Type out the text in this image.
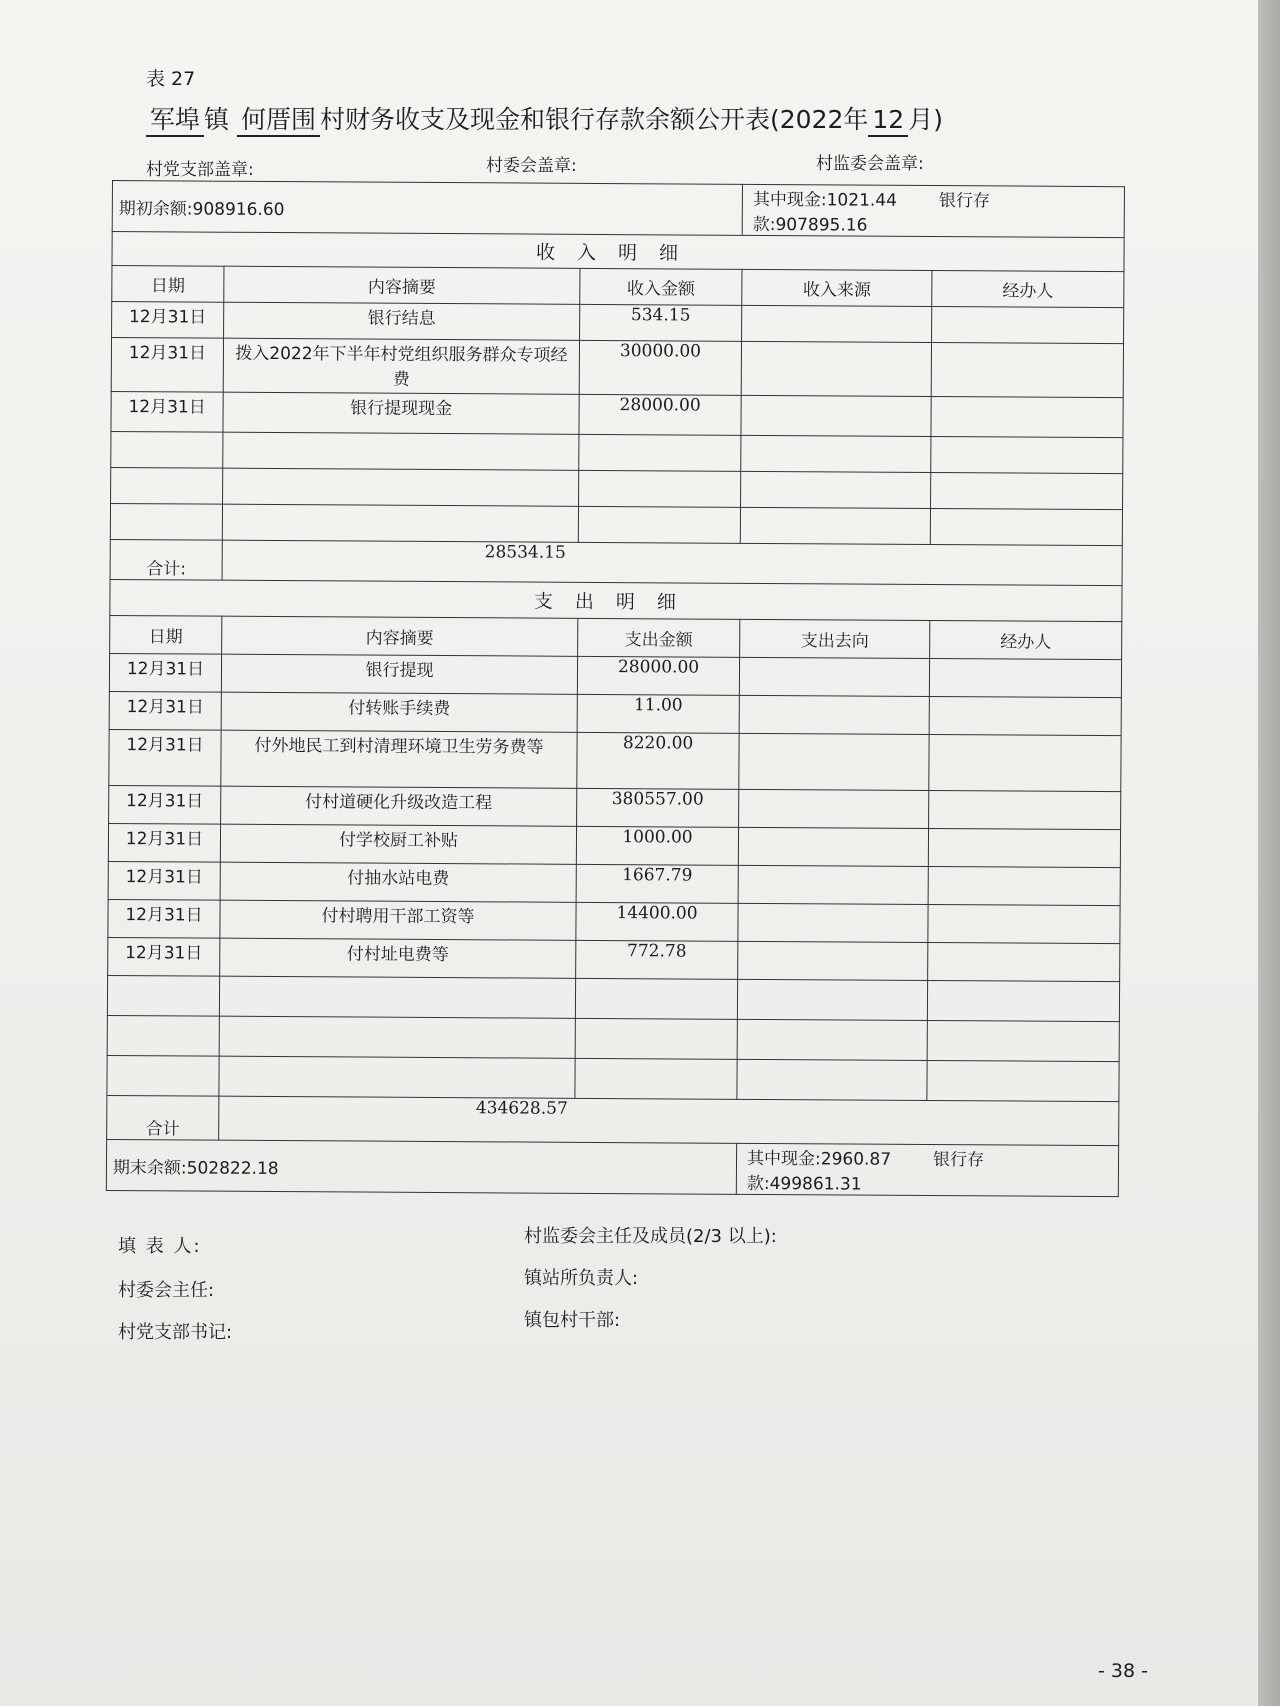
表 27
军埠 镇 何厝围 村财务收支及现金和银行存款余额公开表(2022年 12 月)
村党支部盖章:	村委会盖章:	村监委会盖章:
期初余额:908916.60			其中现金:1021.44 银行存款:907895.16	
收入明细				
日期	内容摘要	收入金额	收入来源	经办人
12月31日	银行结息	534.15		
12月31日	拨入2022年下半年村党组织服务群众专项经费	30000.00		
12月31日	银行提现现金	28000.00		

合计:	28534.15			
支出明细				
日期	内容摘要	支出金额	支出去向	经办人
12月31日	银行提现	28000.00		
12月31日	付转账手续费	11.00		
12月31日	付外地民工到村清理环境卫生劳务费等	8220.00		
12月31日	付村道硬化升级改造工程	380557.00		
12月31日	付学校厨工补贴	1000.00		
12月31日	付抽水站电费	1667.79		
12月31日	付村聘用干部工资等	14400.00		
12月31日	付村址电费等	772.78		

合计	434628.57			
期末余额:502822.18			其中现金:2960.87 银行存款:499861.31	
填 表 人:
村委会主任:
村党支部书记:
村监委会主任及成员(2/3 以上):
镇站所负责人:
镇包村干部:
- 38 -
